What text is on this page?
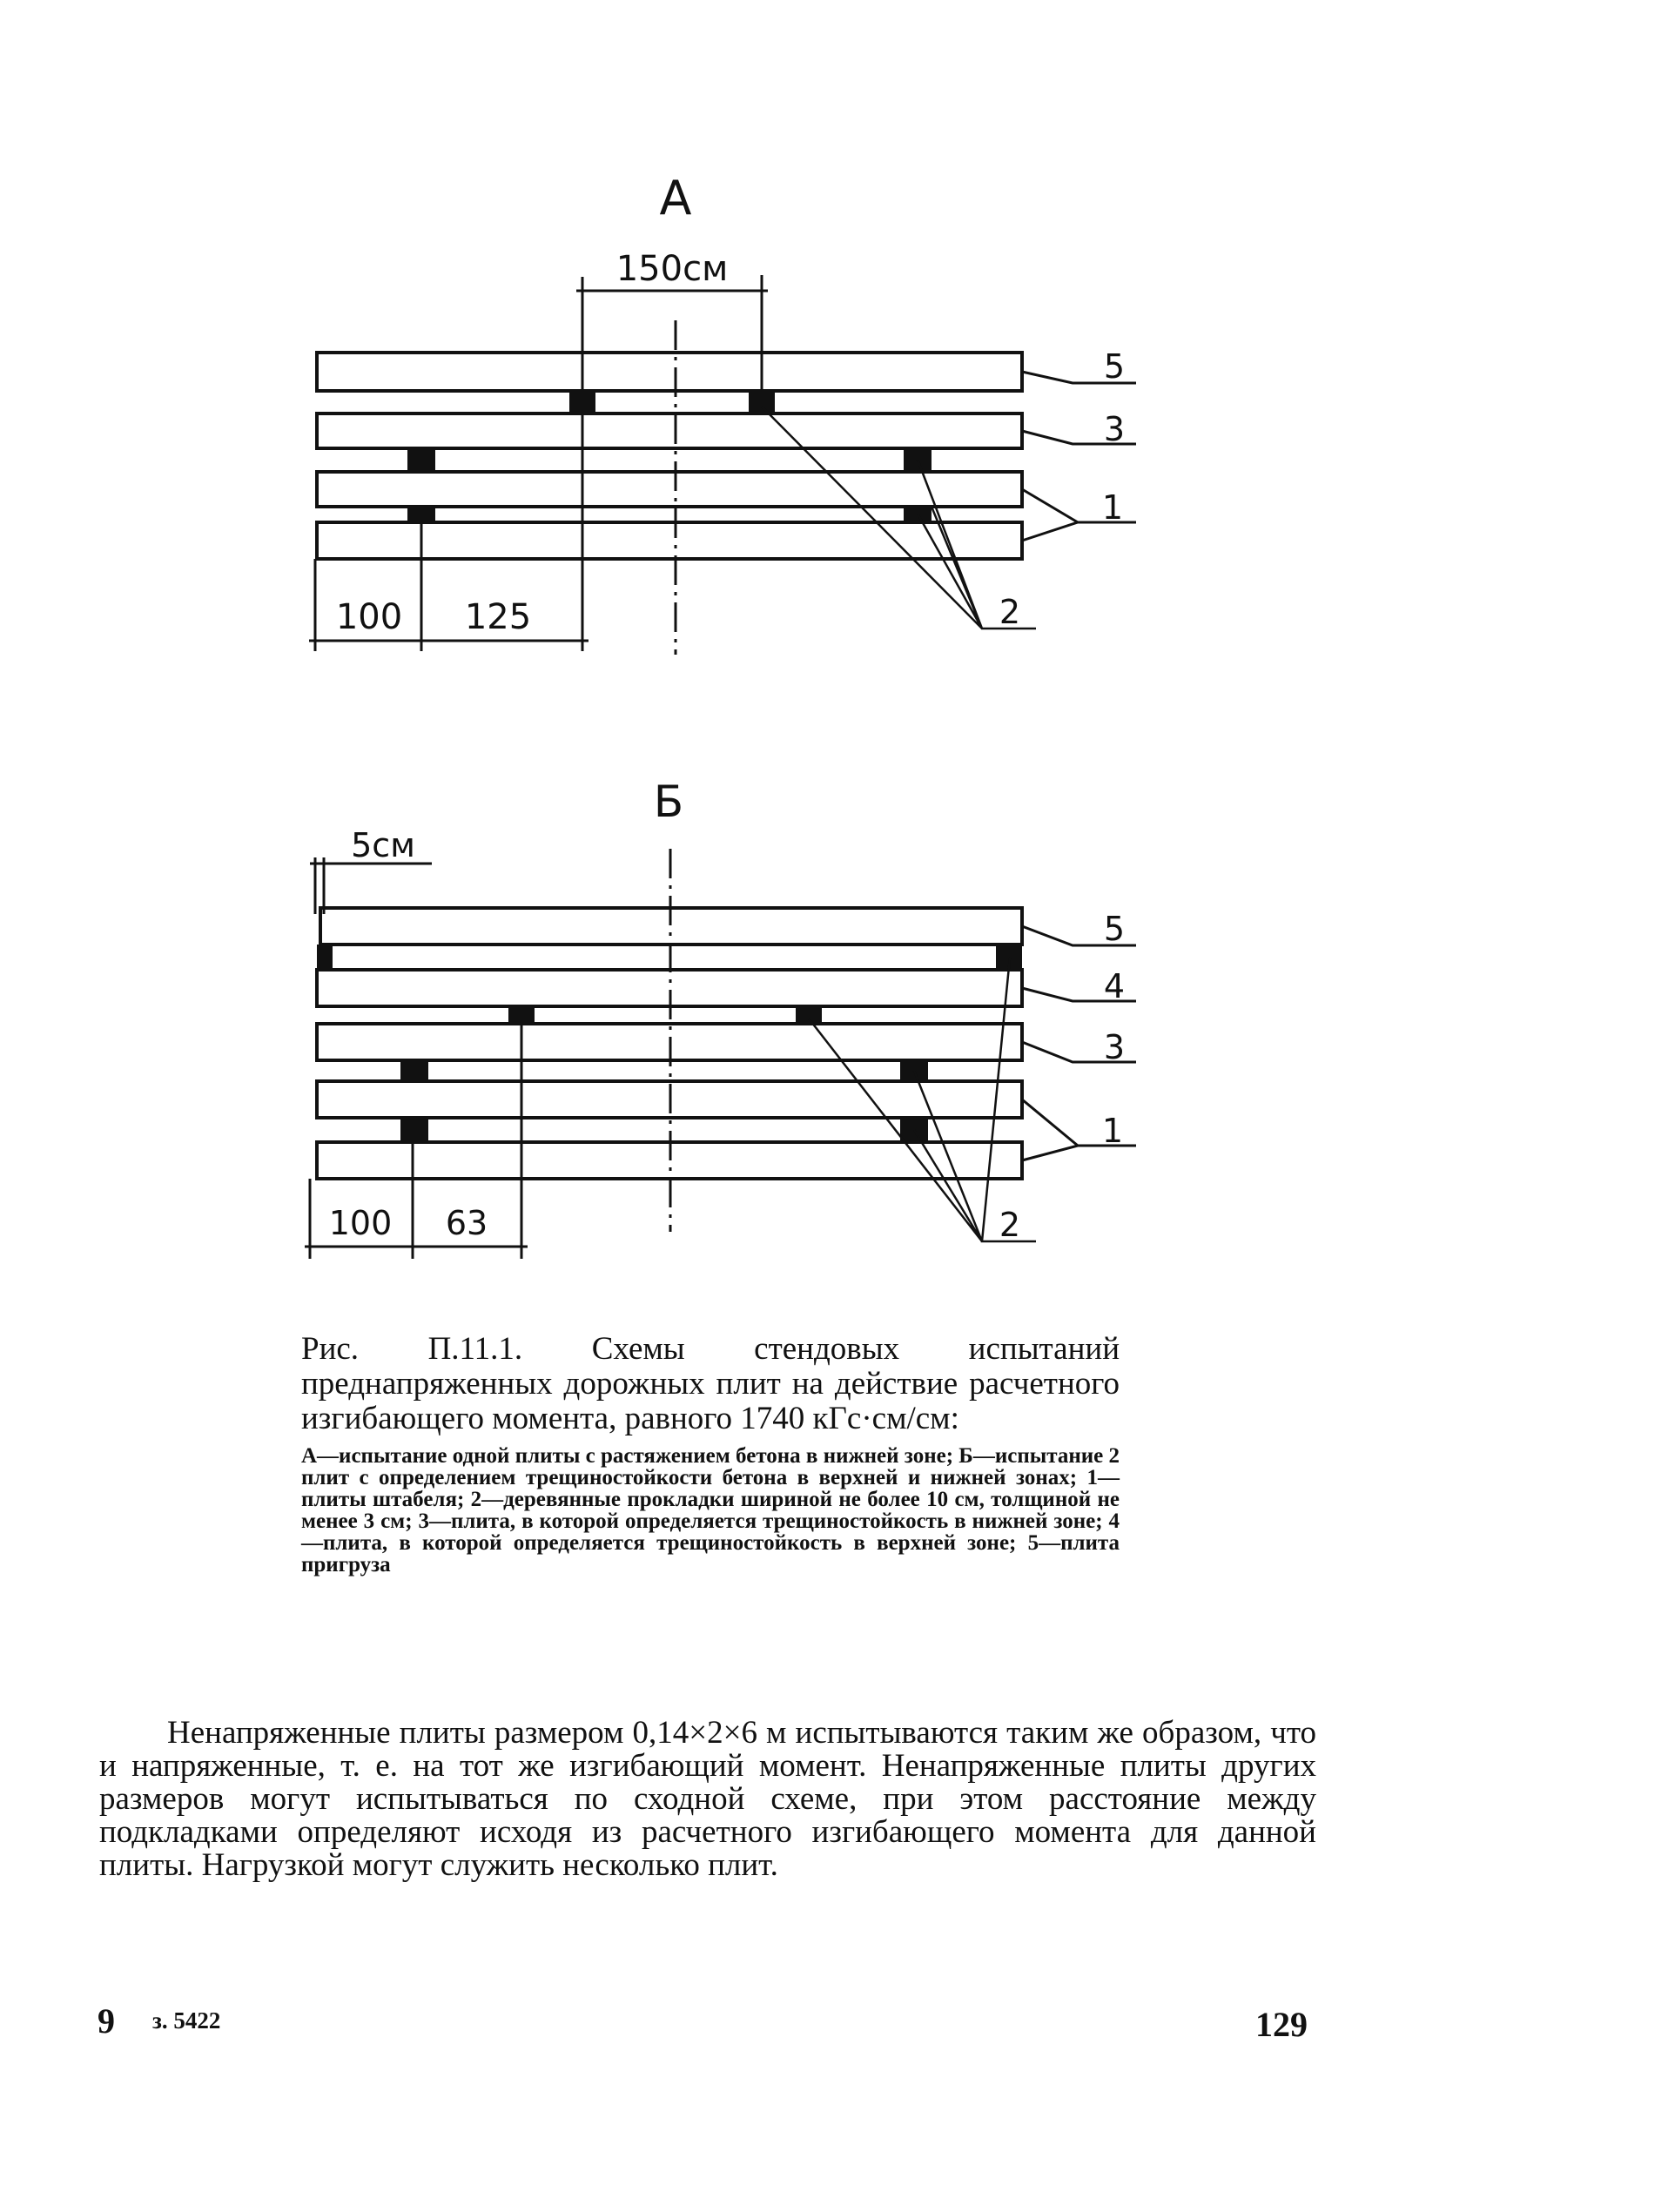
А
150см
100 125
5
3
1
2
Б
5см
100 63
5
4
3
1
2

Рис. П.11.1. Схемы стендовых испытаний преднапряженных дорожных плит на действие расчетного изгибающего момента, равного 1740 кГс·см/см:

А—испытание одной плиты с растяжением бетона в нижней зоне; Б—испытание 2 плит с определением трещиностойкости бетона в верхней и нижней зонах; 1—плиты штабеля; 2—деревянные прокладки шириной не более 10 см, толщиной не менее 3 см; 3—плита, в которой определяется трещиностойкость в нижней зоне; 4—плита, в которой определяется трещиностойкость в верхней зоне; 5—плита пригруза

Ненапряженные плиты размером 0,14×2×6 м испытываются таким же образом, что и напряженные, т. е. на тот же изгибающий момент. Ненапряженные плиты других размеров могут испытываться по сходной схеме, при этом расстояние между подкладками определяют исходя из расчетного изгибающего момента для данной плиты. Нагрузкой могут служить несколько плит.

9 з. 5422	129
